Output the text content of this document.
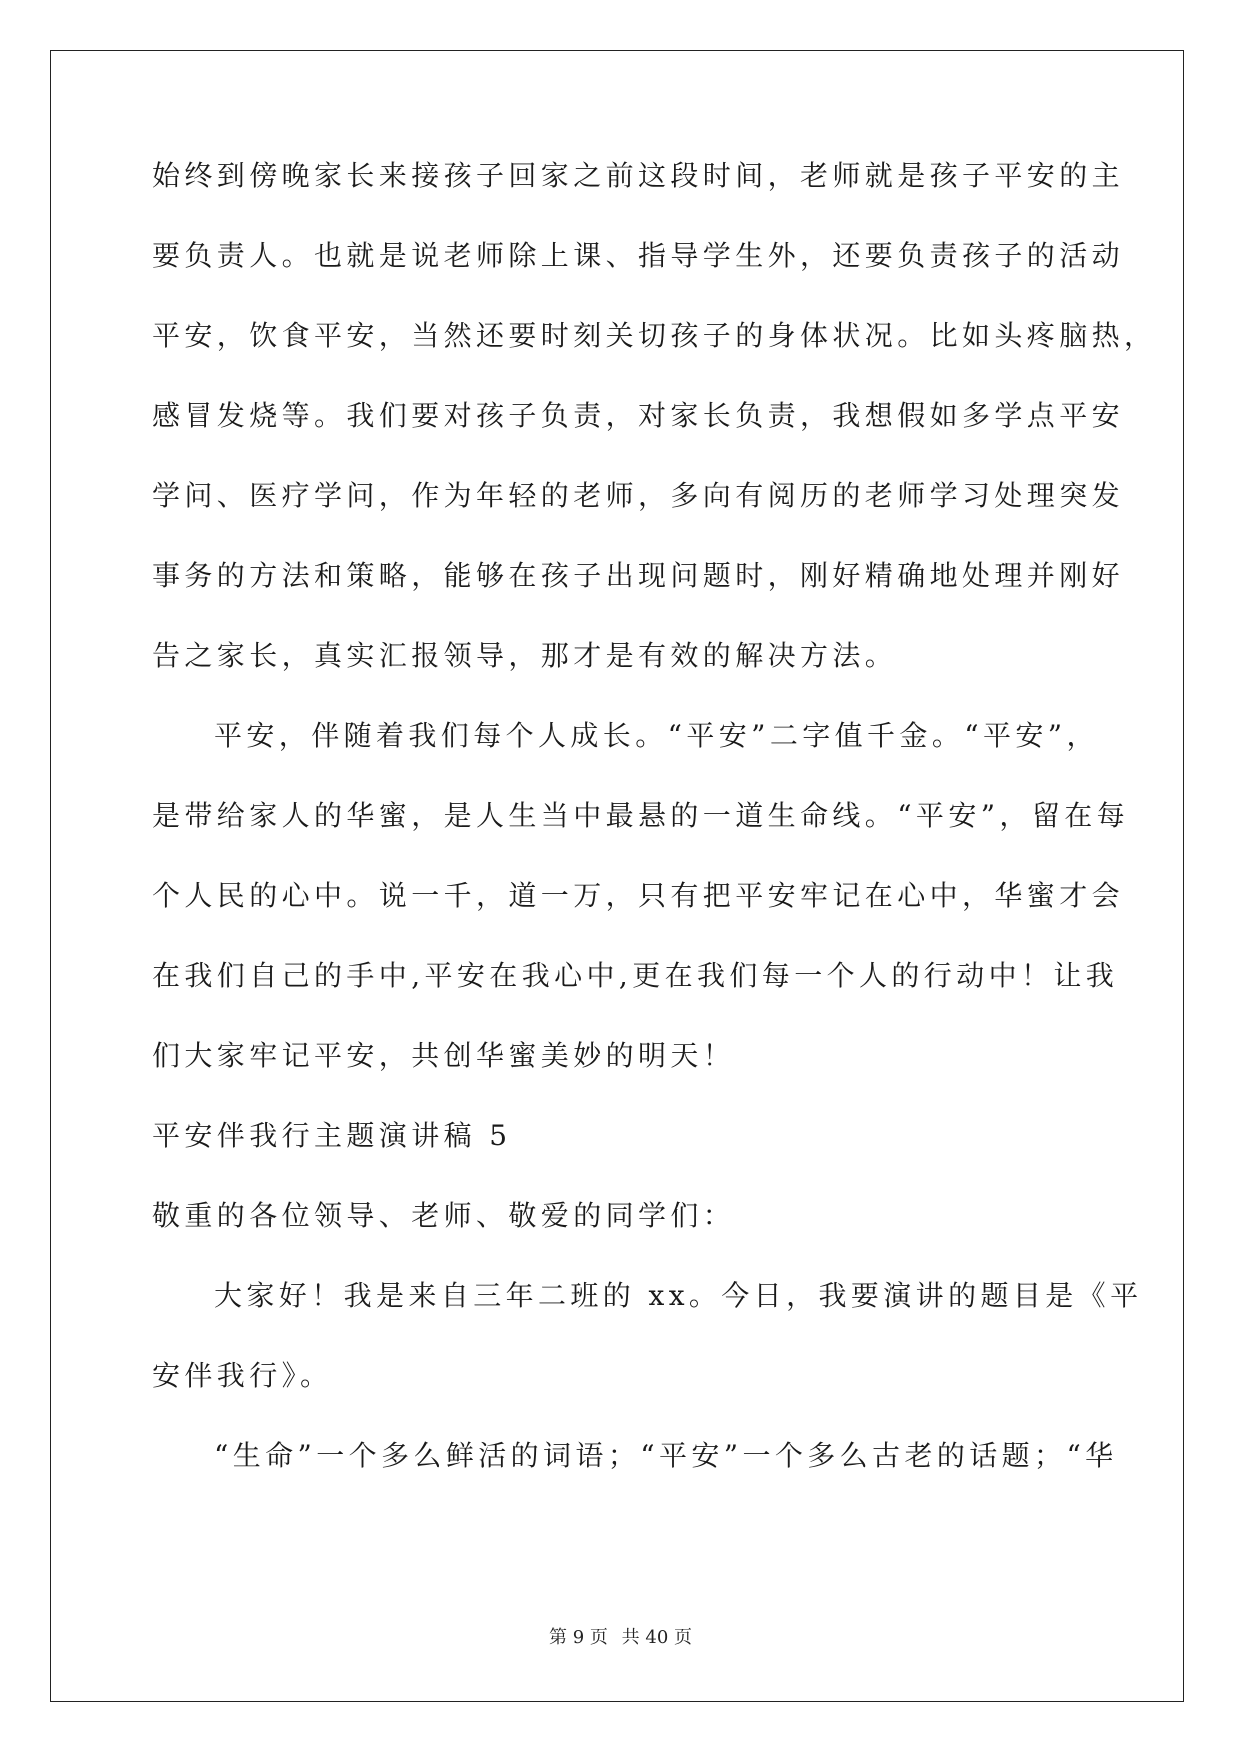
始终到傍晚家长来接孩子回家之前这段时间，老师就是孩子平安的主
要负责人。也就是说老师除上课、指导学生外，还要负责孩子的活动
平安，饮食平安，当然还要时刻关切孩子的身体状况。比如头疼脑热，
感冒发烧等。我们要对孩子负责，对家长负责，我想假如多学点平安
学问、医疗学问，作为年轻的老师，多向有阅历的老师学习处理突发
事务的方法和策略，能够在孩子出现问题时，刚好精确地处理并刚好
告之家长，真实汇报领导，那才是有效的解决方法。
平安，伴随着我们每个人成长。“平安”二字值千金。“平安”，
是带给家人的华蜜，是人生当中最悬的一道生命线。“平安”，留在每
个人民的心中。说一千，道一万，只有把平安牢记在心中，华蜜才会
在我们自己的手中,平安在我心中,更在我们每一个人的行动中！让我
们大家牢记平安，共创华蜜美妙的明天！
平安伴我行主题演讲稿 5
敬重的各位领导、老师、敬爱的同学们：
大家好！我是来自三年二班的 xx。今日，我要演讲的题目是《平
安伴我行》。
“生命”一个多么鲜活的词语；“平安”一个多么古老的话题；“华
第 9 页 共 40 页
